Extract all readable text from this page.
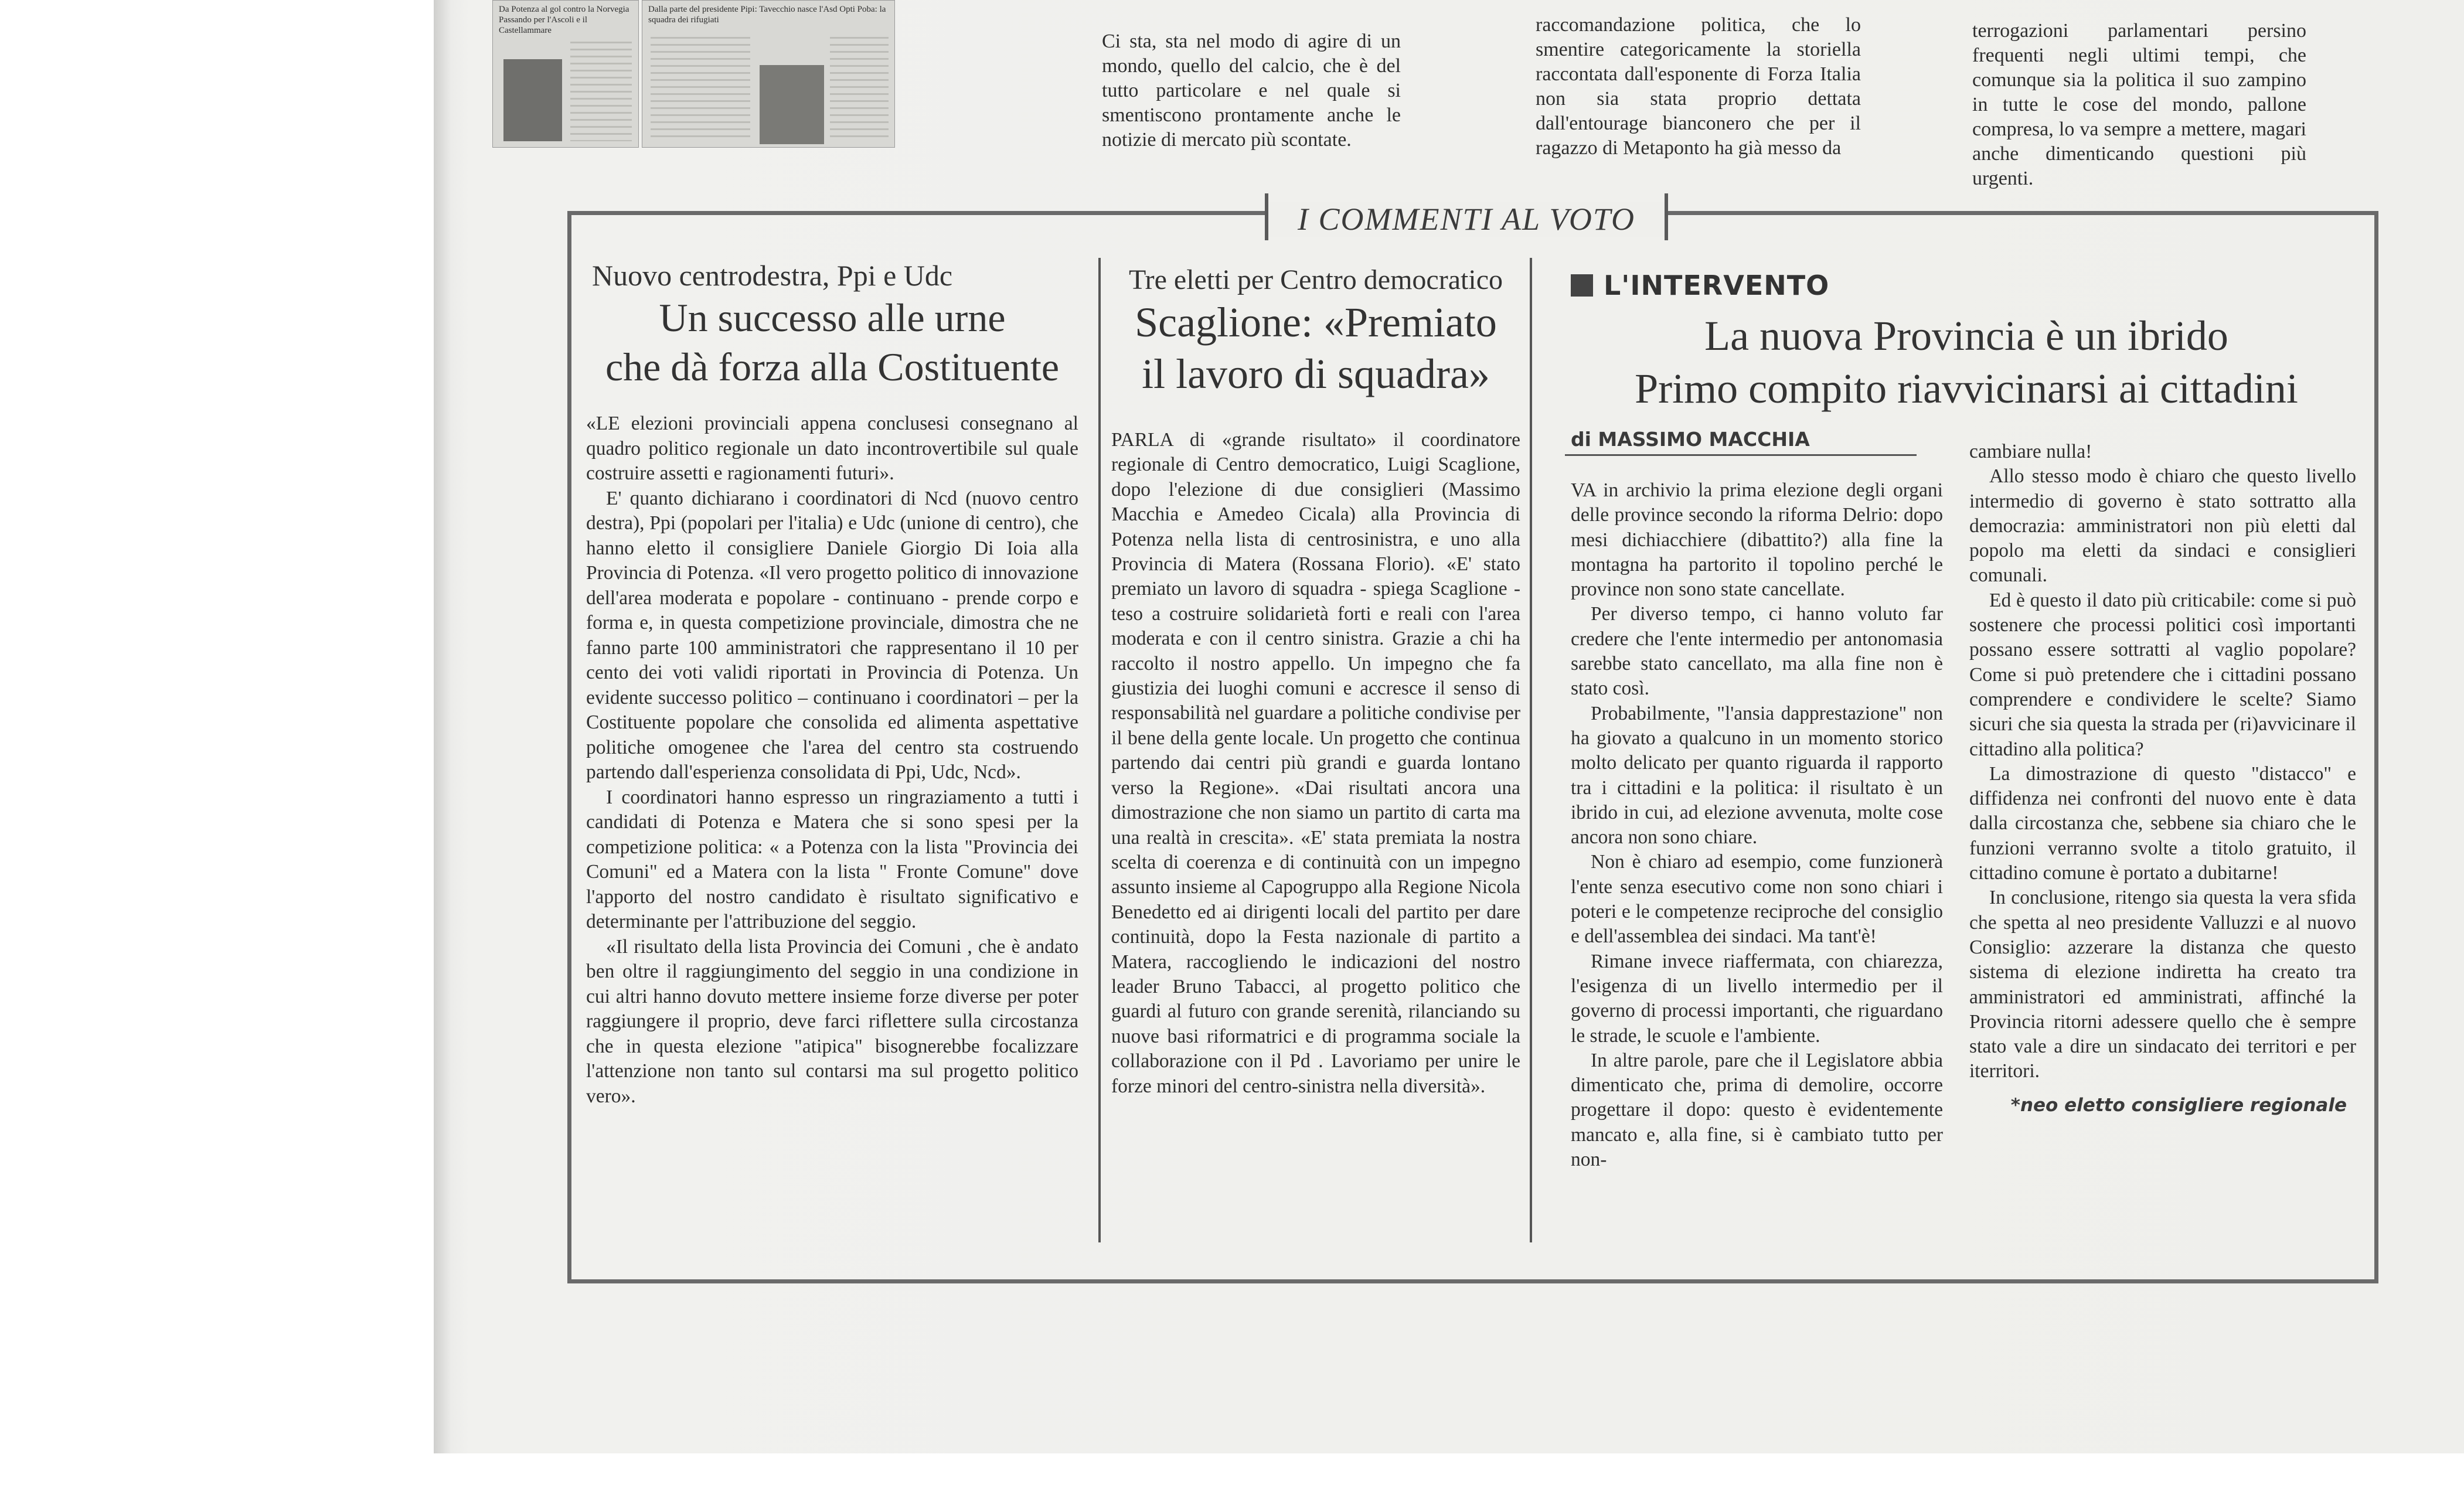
Da Potenza al gol contro la Norvegia Passando per l'Ascoli e il Castellammare
Dalla parte del presidente Pipi: Tavecchio nasce l'Asd Opti Poba: la squadra dei rifugiati

Ci sta, sta nel modo di agire di un mondo, quello del calcio, che è del tutto particolare e nel quale si smentiscono prontamente anche le notizie di mercato più scontate.

raccomandazione politica, che lo smentire categoricamente la storiella raccontata dall'esponente di Forza Italia non sia stata proprio dettata dall'entourage bianconero che per il ragazzo di Metaponto ha già messo da

terrogazioni parlamentari persino frequenti negli ultimi tempi, che comunque sia la politica il suo zampino in tutte le cose del mondo, pallone compresa, lo va sempre a mettere, magari anche dimenticando questioni più urgenti.

I COMMENTI AL VOTO
Nuovo centrodestra, Ppi e Udc
Un successo alle urne
che dà forza alla Costituente

«LE elezioni provinciali appena conclusesi consegnano al quadro politico regionale un dato incontrovertibile sul quale costruire assetti e ragionamenti futuri».

E' quanto dichiarano i coordinatori di Ncd (nuovo centro destra), Ppi (popolari per l'italia) e Udc (unione di centro), che hanno eletto il consigliere Daniele Giorgio Di Ioia alla Provincia di Potenza. «Il vero progetto politico di innovazione dell'area moderata e popolare - continuano - prende corpo e forma e, in questa competizione provinciale, dimostra che ne fanno parte 100 amministratori che rappresentano il 10 per cento dei voti validi riportati in Provincia di Potenza. Un evidente successo politico – continuano i coordinatori – per la Costituente popolare che consolida ed alimenta aspettative politiche omogenee che l'area del centro sta costruendo partendo dall'esperienza consolidata di Ppi, Udc, Ncd».

I coordinatori hanno espresso un ringraziamento a tutti i candidati di Potenza e Matera che si sono spesi per la competizione politica: « a Potenza con la lista "Provincia dei Comuni" ed a Matera con la lista " Fronte Comune" dove l'apporto del nostro candidato è risultato significativo e determinante per l'attribuzione del seggio.

«Il risultato della lista Provincia dei Comuni , che è andato ben oltre il raggiungimento del seggio in una condizione in cui altri hanno dovuto mettere insieme forze diverse per poter raggiungere il proprio, deve farci riflettere sulla circostanza che in questa elezione "atipica" bisognerebbe focalizzare l'attenzione non tanto sul contarsi ma sul progetto politico vero».

Tre eletti per Centro democratico
Scaglione: «Premiato
il lavoro di squadra»

PARLA di «grande risultato» il coordinatore regionale di Centro democratico, Luigi Scaglione, dopo l'elezione di due consiglieri (Massimo Macchia e Amedeo Cicala) alla Provincia di Potenza nella lista di centrosinistra, e uno alla Provincia di Matera (Rossana Florio). «E' stato premiato un lavoro di squadra - spiega Scaglione - teso a costruire solidarietà forti e reali con l'area moderata e con il centro sinistra. Grazie a chi ha raccolto il nostro appello. Un impegno che fa giustizia dei luoghi comuni e accresce il senso di responsabilità nel guardare a politiche condivise per il bene della gente locale. Un progetto che continua partendo dai centri più grandi e guarda lontano verso la Regione». «Dai risultati ancora una dimostrazione che non siamo un partito di carta ma una realtà in crescita». «E' stata premiata la nostra scelta di coerenza e di continuità con un impegno assunto insieme al Capogruppo alla Regione Nicola Benedetto ed ai dirigenti locali del partito per dare continuità, dopo la Festa nazionale di partito a Matera, raccogliendo le indicazioni del nostro leader Bruno Tabacci, al progetto politico che guardi al futuro con grande serenità, rilanciando su nuove basi riformatrici e di programma sociale la collaborazione con il Pd . Lavoriamo per unire le forze minori del centro-sinistra nella diversità».

L'INTERVENTO
La nuova Provincia è un ibrido
Primo compito riavvicinarsi ai cittadini
di MASSIMO MACCHIA

VA in archivio la prima elezione degli organi delle province secondo la riforma Delrio: dopo mesi dichiacchiere (dibattito?) alla fine la montagna ha partorito il topolino perché le province non sono state cancellate.

Per diverso tempo, ci hanno voluto far credere che l'ente intermedio per antonomasia sarebbe stato cancellato, ma alla fine non è stato così.

Probabilmente, "l'ansia dapprestazione" non ha giovato a qualcuno in un momento storico molto delicato per quanto riguarda il rapporto tra i cittadini e la politica: il risultato è un ibrido in cui, ad elezione avvenuta, molte cose ancora non sono chiare.

Non è chiaro ad esempio, come funzionerà l'ente senza esecutivo come non sono chiari i poteri e le competenze reciproche del consiglio e dell'assemblea dei sindaci. Ma tant'è!

Rimane invece riaffermata, con chiarezza, l'esigenza di un livello intermedio per il governo di processi importanti, che riguardano le strade, le scuole e l'ambiente.

In altre parole, pare che il Legislatore abbia dimenticato che, prima di demolire, occorre progettare il dopo: questo è evidentemente mancato e, alla fine, si è cambiato tutto per non-

cambiare nulla!

Allo stesso modo è chiaro che questo livello intermedio di governo è stato sottratto alla democrazia: amministratori non più eletti dal popolo ma eletti da sindaci e consiglieri comunali.

Ed è questo il dato più criticabile: come si può sostenere che processi politici così importanti possano essere sottratti al vaglio popolare? Come si può pretendere che i cittadini possano comprendere e condividere le scelte? Siamo sicuri che sia questa la strada per (ri)avvicinare il cittadino alla politica?

La dimostrazione di questo "distacco" e diffidenza nei confronti del nuovo ente è data dalla circostanza che, sebbene sia chiaro che le funzioni verranno svolte a titolo gratuito, il cittadino comune è portato a dubitarne!

In conclusione, ritengo sia questa la vera sfida che spetta al neo presidente Valluzzi e al nuovo Consiglio: azzerare la distanza che questo sistema di elezione indiretta ha creato tra amministratori ed amministrati, affinché la Provincia ritorni adessere quello che è sempre stato vale a dire un sindacato dei territori e per iterritori.

*neo eletto consigliere regionale
